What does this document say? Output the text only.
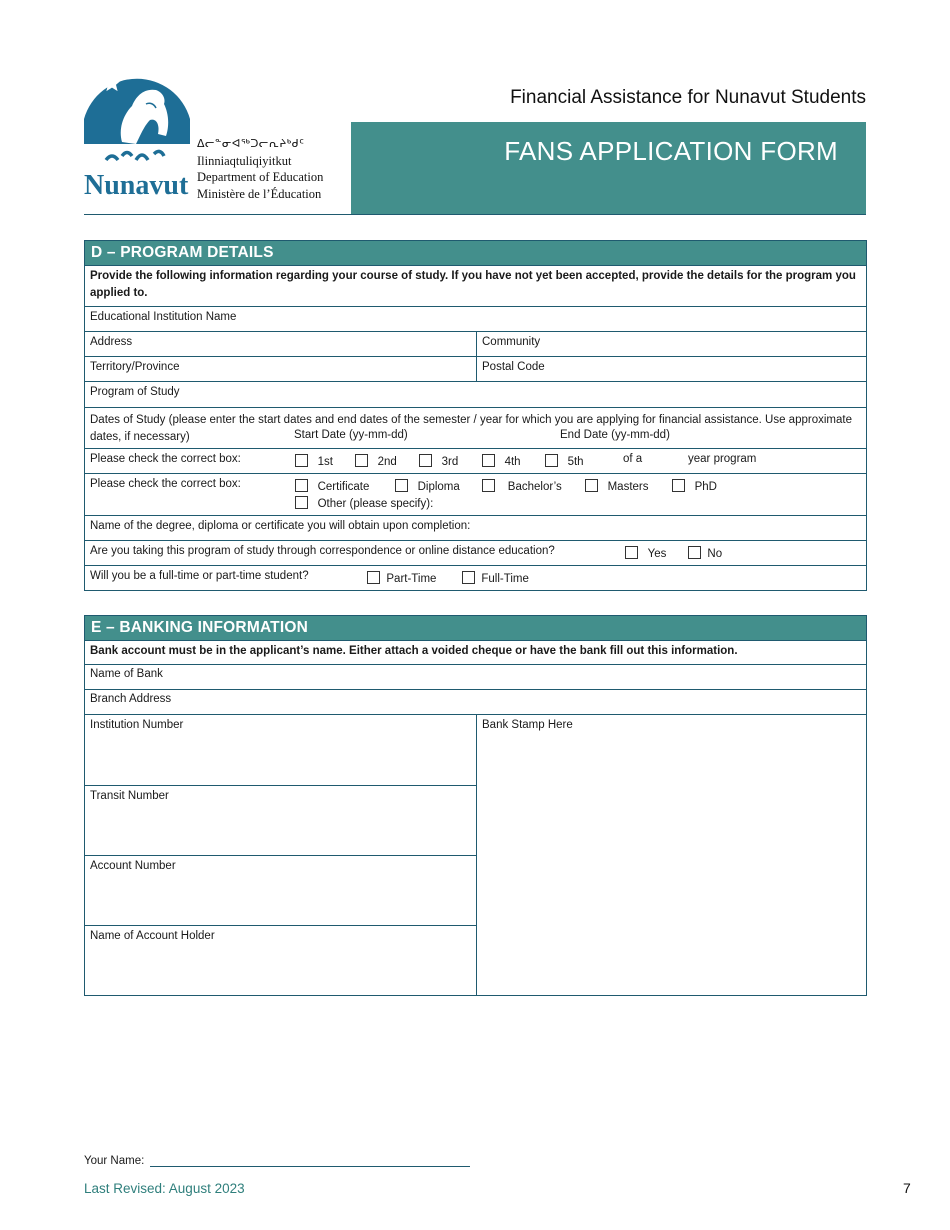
Nunavut
ᐃᓕᓐᓂᐊᖅᑐᓕᕆᔨᒃᑯᑦ
Ilinniaqtuliqiyitkut
Department of Education
Ministère de l’Éducation
Financial Assistance for Nunavut Students
FANS APPLICATION FORM
D – PROGRAM DETAILS
Provide the following information regarding your course of study. If you have not yet been accepted, provide the details for the program you applied to.
Educational Institution Name
Address	Community
Territory/Province	Postal Code
Program of Study
Dates of Study (please enter the start dates and end dates of the semester / year for which you are applying for financial assistance. Use approximate dates, if necessary)	Start Date (yy-mm-dd)	End Date (yy-mm-dd)
Please check the correct box:	1st	2nd	3rd	4th	5th	of a	year program
Please check the correct box:	Certificate	Diploma	Bachelor’s	Masters	PhD
Other (please specify):
Name of the degree, diploma or certificate you will obtain upon completion:
Are you taking this program of study through correspondence or online distance education?	Yes	No
Will you be a full-time or part-time student?	Part-Time	Full-Time
E – BANKING INFORMATION
Bank account must be in the applicant’s name. Either attach a voided cheque or have the bank fill out this information.
Name of Bank
Branch Address
Institution Number
Transit Number
Account Number
Name of Account Holder
Bank Stamp Here
Your Name:
Last Revised: August 2023	7
